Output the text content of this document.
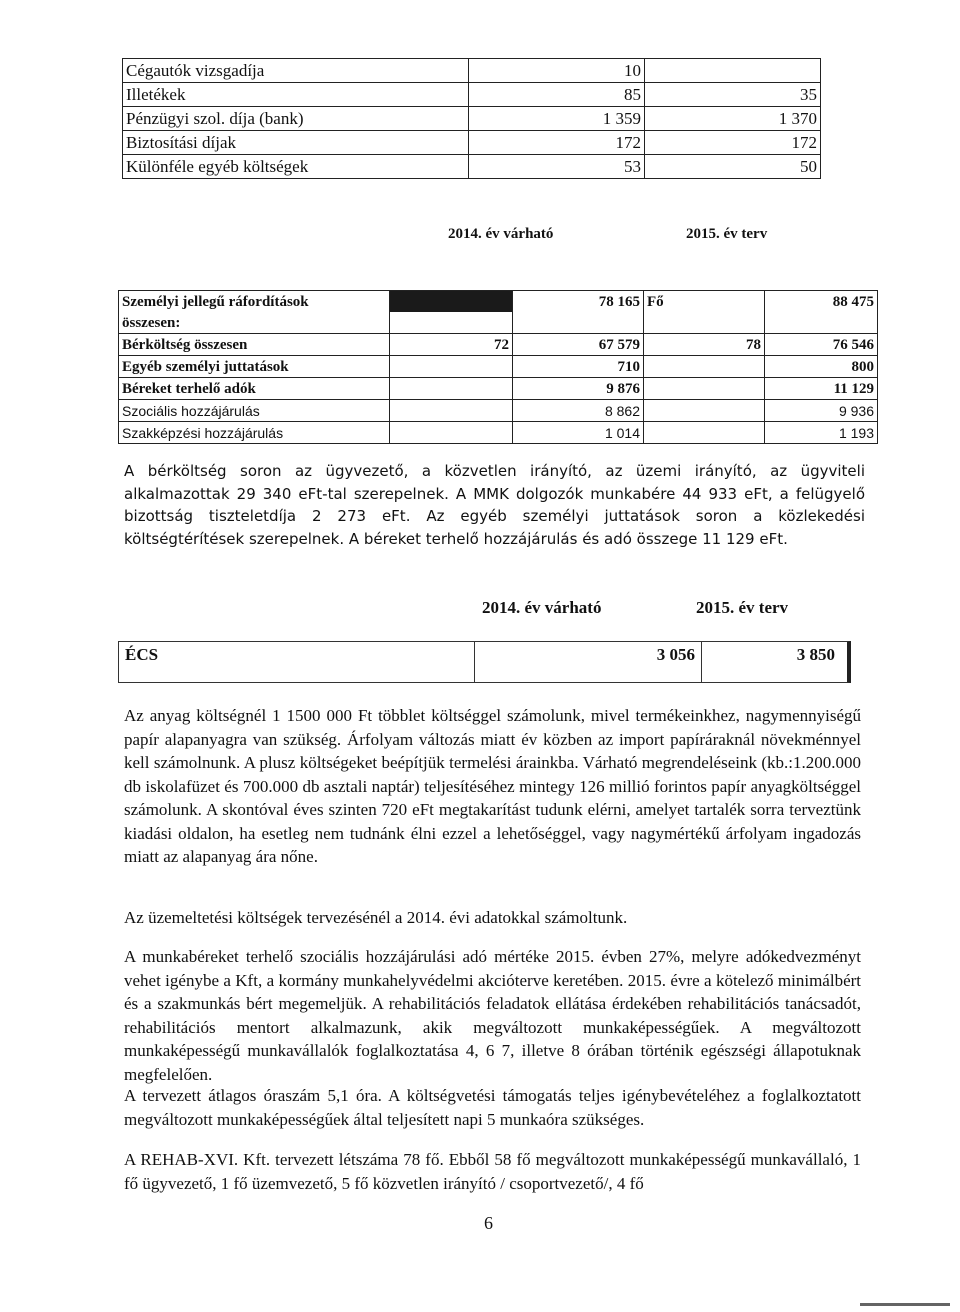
Cégautók vizsgadíja	10	
Illetékek	85	35
Pénzügyi szol. díja (bank)	1 359	1 370
Biztosítási díjak	172	172
Különféle egyéb költségek	53	50
2014. év várható	2015. év terv
Személyi jellegű ráfordítások		78 165	Fő	88 475
összesen:				
Bérköltség összesen	72	67 579	78	76 546
Egyéb személyi juttatások		710		800
Béreket terhelő adók		9 876		11 129
Szociális hozzájárulás		8 862		9 936
Szakképzési hozzájárulás		1 014		1 193
A bérköltség soron az ügyvezető, a közvetlen irányító, az üzemi irányító, az ügyviteli alkalmazottak 29 340 eFt-tal szerepelnek. A MMK dolgozók munkabére 44 933 eFt, a felügyelő bizottság tiszteletdíja 2 273 eFt. Az egyéb személyi juttatások soron a közlekedési költségtérítések szerepelnek. A béreket terhelő hozzájárulás és adó összege 11 129 eFt.
2014. év várható	2015. év terv
ÉCS	3 056	3 850
Az anyag költségnél 1 1500 000 Ft többlet költséggel számolunk, mivel termékeinkhez, nagymennyiségű papír alapanyagra van szükség. Árfolyam változás miatt év közben az import papíráraknál növekménnyel kell számolnunk. A plusz költségeket beépítjük termelési árainkba. Várható megrendeléseink (kb.:1.200.000 db iskolafüzet és 700.000 db asztali naptár) teljesítéséhez mintegy 126 millió forintos papír anyagköltséggel számolunk. A skontóval éves szinten 720 eFt megtakarítást tudunk elérni, amelyet tartalék sorra terveztünk kiadási oldalon, ha esetleg nem tudnánk élni ezzel a lehetőséggel, vagy nagymértékű árfolyam ingadozás miatt az alapanyag ára nőne.
Az üzemeltetési költségek tervezésénél a 2014. évi adatokkal számoltunk.
A munkabéreket terhelő szociális hozzájárulási adó mértéke 2015. évben 27%, melyre adókedvezményt vehet igénybe a Kft, a kormány munkahelyvédelmi akciótervе keretében. 2015. évre a kötelező minimálbért és a szakmunkás bért megemeljük. A rehabilitációs feladatok ellátása érdekében rehabilitációs tanácsadót, rehabilitációs mentort alkalmazunk, akik megváltozott munkaképességűek. A megváltozott munkaképességű munkavállalók foglalkoztatása 4, 6 7, illetve 8 órában történik egészségi állapotuknak megfelelően.
A tervezett átlagos óraszám 5,1 óra. A költségvetési támogatás teljes igénybevételéhez a foglalkoztatott megváltozott munkaképességűek által teljesített napi 5 munkaóra szükséges.
A REHAB-XVI. Kft. tervezett létszáma 78 fő. Ebből 58 fő megváltozott munkaképességű munkavállaló, 1 fő ügyvezető, 1 fő üzemvezető, 5 fő közvetlen irányító / csoportvezető/, 4 fő
6
